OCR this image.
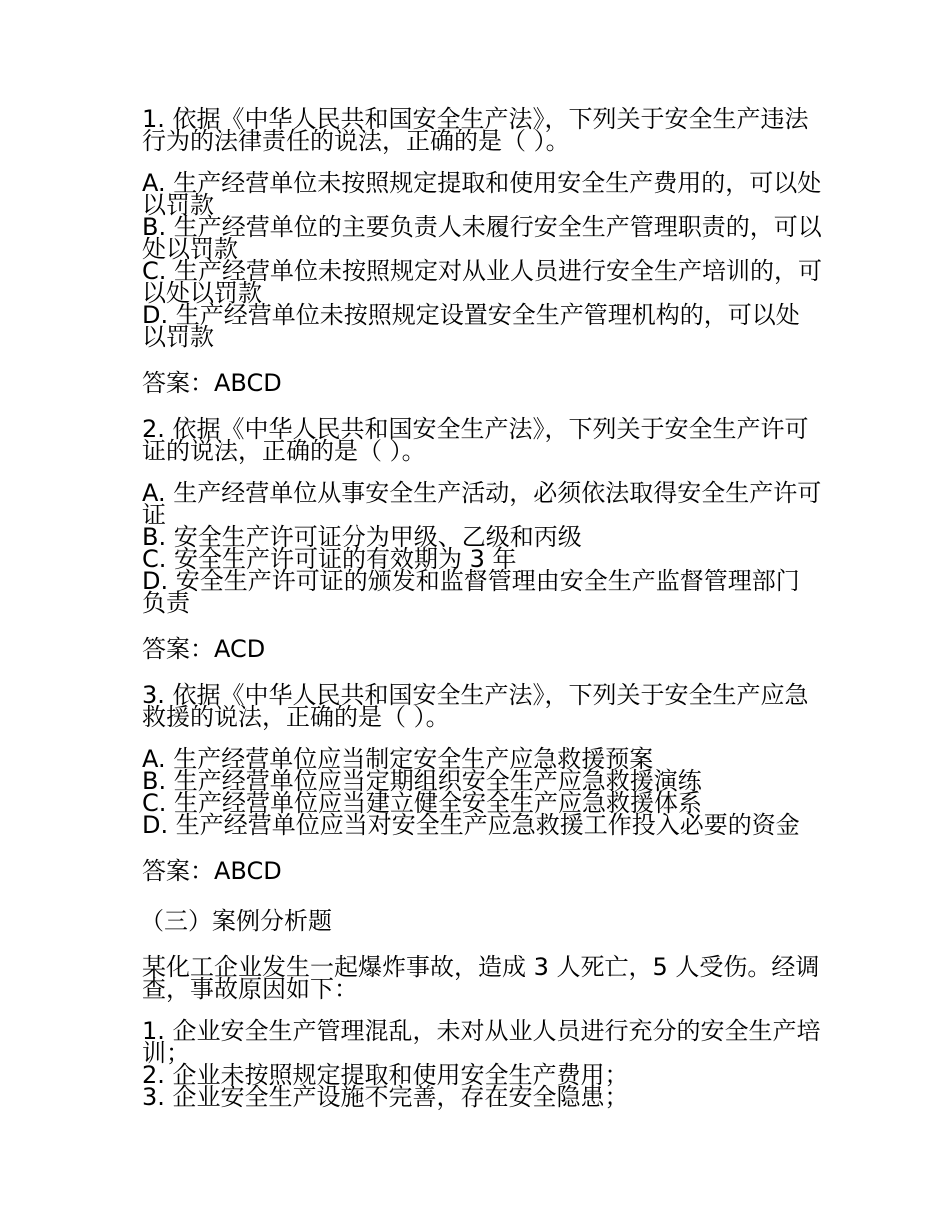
1. 依据《中华人民共和国安全生产法》，下列关于安全生产违法行为的法律责任的说法，正确的是（ ）。

A. 生产经营单位未按照规定提取和使用安全生产费用的，可以处以罚款
B. 生产经营单位的主要负责人未履行安全生产管理职责的，可以处以罚款
C. 生产经营单位未按照规定对从业人员进行安全生产培训的，可以处以罚款
D. 生产经营单位未按照规定设置安全生产管理机构的，可以处以罚款

答案：ABCD

2. 依据《中华人民共和国安全生产法》，下列关于安全生产许可证的说法，正确的是（ ）。

A. 生产经营单位从事安全生产活动，必须依法取得安全生产许可证
B. 安全生产许可证分为甲级、乙级和丙级
C. 安全生产许可证的有效期为 3 年
D. 安全生产许可证的颁发和监督管理由安全生产监督管理部门负责

答案：ACD

3. 依据《中华人民共和国安全生产法》，下列关于安全生产应急救援的说法，正确的是（ ）。

A. 生产经营单位应当制定安全生产应急救援预案
B. 生产经营单位应当定期组织安全生产应急救援演练
C. 生产经营单位应当建立健全安全生产应急救援体系
D. 生产经营单位应当对安全生产应急救援工作投入必要的资金

答案：ABCD

（三）案例分析题

某化工企业发生一起爆炸事故，造成 3 人死亡，5 人受伤。经调查，事故原因如下：

1. 企业安全生产管理混乱，未对从业人员进行充分的安全生产培训；
2. 企业未按照规定提取和使用安全生产费用；
3. 企业安全生产设施不完善，存在安全隐患；
